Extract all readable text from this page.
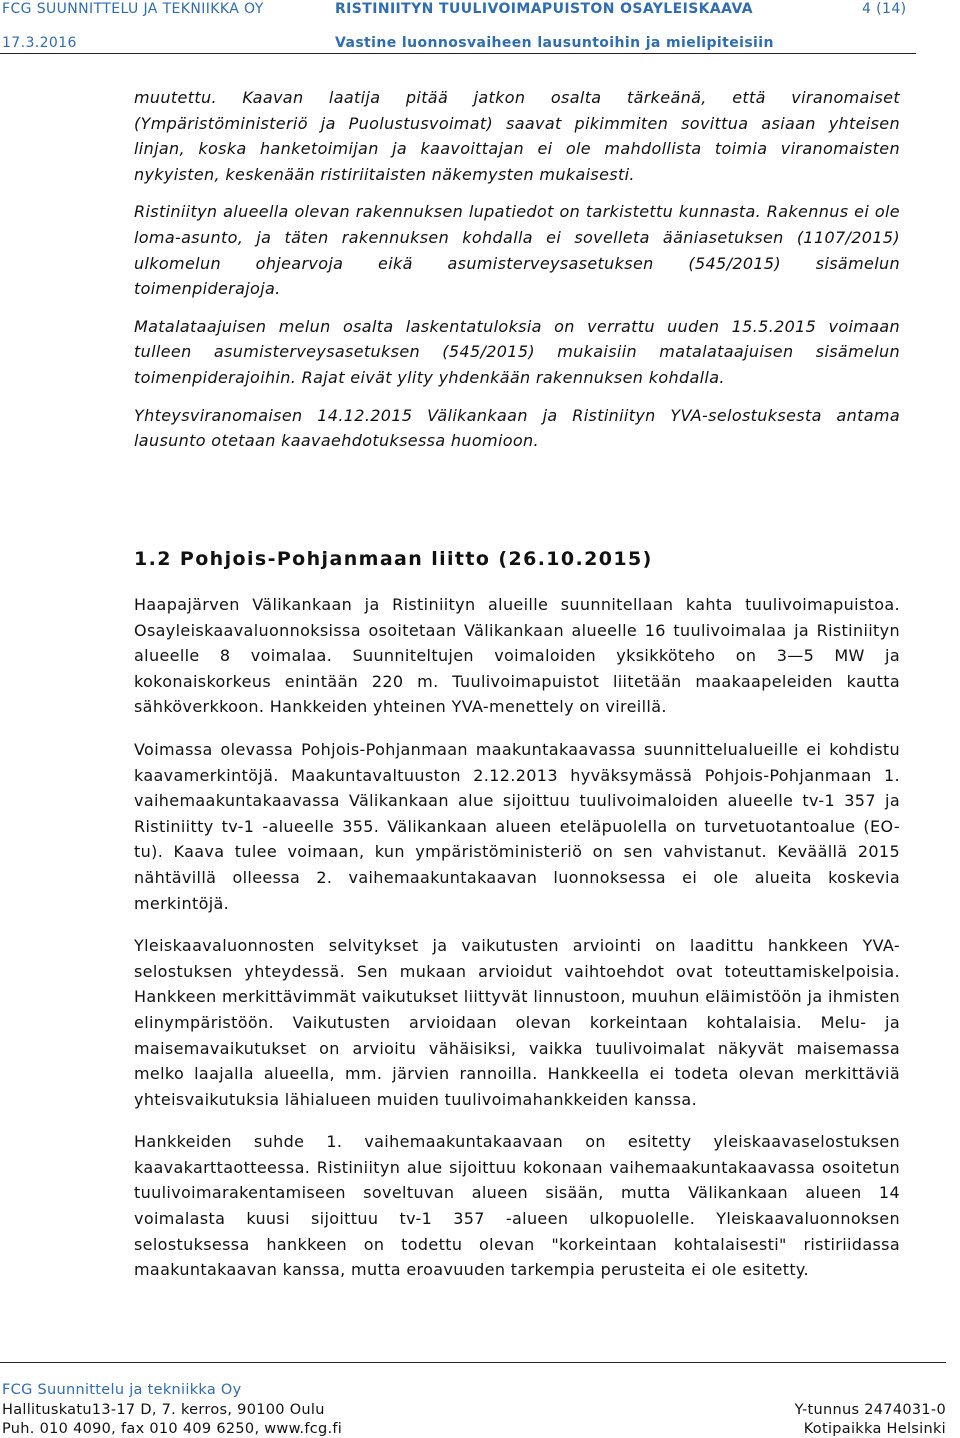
FCG SUUNNITTELU JA TEKNIIKKA OY	RISTINIITYN TUULIVOIMAPUISTON OSAYLEISKAAVA	4 (14)
17.3.2016	Vastine luonnosvaiheen lausuntoihin ja mielipiteisiin

muutettu. Kaavan laatija pitää jatkon osalta tärkeänä, että viranomaiset (Ympäristöministeriö ja Puolustusvoimat) saavat pikimmiten sovittua asiaan yhteisen linjan, koska hanketoimijan ja kaavoittajan ei ole mahdollista toimia viranomaisten nykyisten, keskenään ristiriitaisten näkemysten mukaisesti.

Ristiniityn alueella olevan rakennuksen lupatiedot on tarkistettu kunnasta. Rakennus ei ole loma-asunto, ja täten rakennuksen kohdalla ei sovelleta ääniasetuksen (1107/2015) ulkomelun ohjearvoja eikä asumisterveysasetuksen (545/2015) sisämelun toimenpiderajoja.

Matalataajuisen melun osalta laskentatuloksia on verrattu uuden 15.5.2015 voimaan tulleen asumisterveysasetuksen (545/2015) mukaisiin matalataajuisen sisämelun toimenpiderajoihin. Rajat eivät ylity yhdenkään rakennuksen kohdalla.

Yhteysviranomaisen 14.12.2015 Välikankaan ja Ristiniityn YVA-selostuksesta antama lausunto otetaan kaavaehdotuksessa huomioon.

1.2 Pohjois-Pohjanmaan liitto (26.10.2015)

Haapajärven Välikankaan ja Ristiniityn alueille suunnitellaan kahta tuulivoimapuistoa. Osayleiskaavaluonnoksissa osoitetaan Välikankaan alueelle 16 tuulivoimalaa ja Ristiniityn alueelle 8 voimalaa. Suunniteltujen voimaloiden yksikköteho on 3—5 MW ja kokonaiskorkeus enintään 220 m. Tuulivoimapuistot liitetään maakaapeleiden kautta sähköverkkoon. Hankkeiden yhteinen YVA-menettely on vireillä.

Voimassa olevassa Pohjois-Pohjanmaan maakuntakaavassa suunnittelualueille ei kohdistu kaavamerkintöjä. Maakuntavaltuuston 2.12.2013 hyväksymässä Pohjois-Pohjanmaan 1. vaihemaakuntakaavassa Välikankaan alue sijoittuu tuulivoimaloiden alueelle tv-1 357 ja Ristiniitty tv-1 -alueelle 355. Välikankaan alueen eteläpuolella on turvetuotantoalue (EO-tu). Kaava tulee voimaan, kun ympäristöministeriö on sen vahvistanut. Keväällä 2015 nähtävillä olleessa 2. vaihemaakuntakaavan luonnoksessa ei ole alueita koskevia merkintöjä.

Yleiskaavaluonnosten selvitykset ja vaikutusten arviointi on laadittu hankkeen YVA-selostuksen yhteydessä. Sen mukaan arvioidut vaihtoehdot ovat toteuttamiskelpoisia. Hankkeen merkittävimmät vaikutukset liittyvät linnustoon, muuhun eläimistöön ja ihmisten elinympäristöön. Vaikutusten arvioidaan olevan korkeintaan kohtalaisia. Melu- ja maisemavaikutukset on arvioitu vähäisiksi, vaikka tuulivoimalat näkyvät maisemassa melko laajalla alueella, mm. järvien rannoilla. Hankkeella ei todeta olevan merkittäviä yhteisvaikutuksia lähialueen muiden tuulivoimahankkeiden kanssa.

Hankkeiden suhde 1. vaihemaakuntakaavaan on esitetty yleiskaavaselostuksen kaavakarttaotteessa. Ristiniityn alue sijoittuu kokonaan vaihemaakuntakaavassa osoitetun tuulivoimarakentamiseen soveltuvan alueen sisään, mutta Välikankaan alueen 14 voimalasta kuusi sijoittuu tv-1 357 -alueen ulkopuolelle. Yleiskaavaluonnoksen selostuksessa hankkeen on todettu olevan "korkeintaan kohtalaisesti" ristiriidassa maakuntakaavan kanssa, mutta eroavuuden tarkempia perusteita ei ole esitetty.

FCG Suunnittelu ja tekniikka Oy
Hallituskatu13-17 D, 7. kerros, 90100 Oulu
Puh. 010 4090, fax 010 409 6250, www.fcg.fi
Y-tunnus 2474031-0
Kotipaikka Helsinki
